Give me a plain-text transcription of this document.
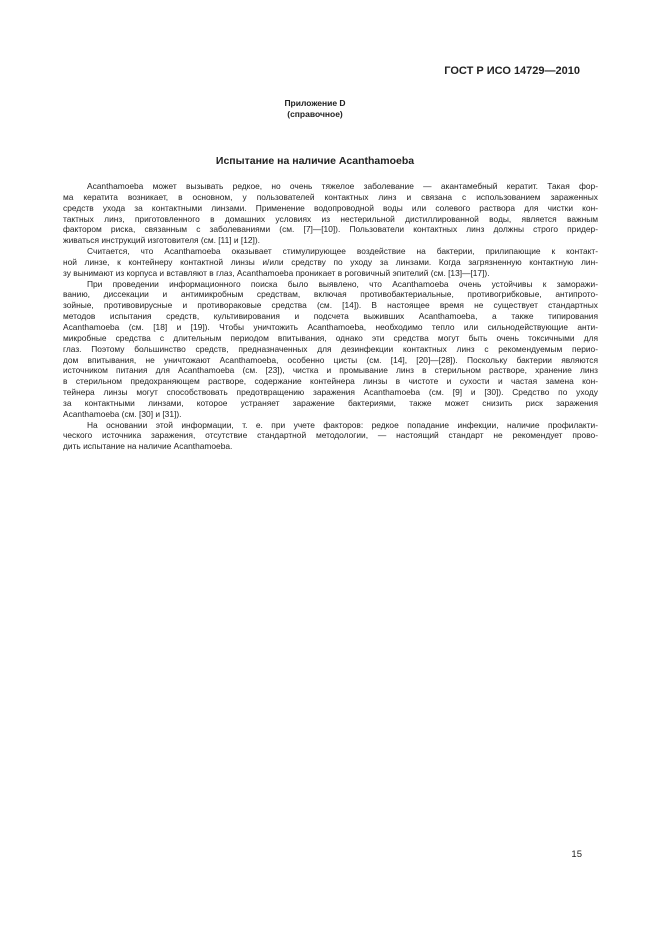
ГОСТ Р ИСО 14729—2010
Приложение D
(справочное)
Испытание на наличие Acanthamoeba
Acanthamoeba может вызывать редкое, но очень тяжелое заболевание — акантамебный кератит. Такая фор-
ма кератита возникает, в основном, у пользователей контактных линз и связана с использованием зараженных
средств ухода за контактными линзами. Применение водопроводной воды или солевого раствора для чистки кон-
тактных линз, приготовленного в домашних условиях из нестерильной дистиллированной воды, является важным
фактором риска, связанным с заболеваниями (см. [7]—[10]). Пользователи контактных линз должны строго придер-
живаться инструкций изготовителя (см. [11] и [12]).
Считается, что Acanthamoeba оказывает стимулирующее воздействие на бактерии, прилипающие к контакт-
ной линзе, к контейнеру контактной линзы и/или средству по уходу за линзами. Когда загрязненную контактную лин-
зу вынимают из корпуса и вставляют в глаз, Acanthamoeba проникает в роговичный эпителий (см. [13]—[17]).
При проведении информационного поиска было выявлено, что Acanthamoeba очень устойчивы к заморажи-
ванию, диссекации и антимикробным средствам, включая противобактериальные, противогрибковые, антипрото-
зойные, противовирусные и противораковые средства (см. [14]). В настоящее время не существует стандартных
методов испытания средств, культивирования и подсчета выживших Acanthamoeba, а также типирования
Acanthamoeba (см. [18] и [19]). Чтобы уничтожить Acanthamoeba, необходимо тепло или сильнодействующие анти-
микробные средства с длительным периодом впитывания, однако эти средства могут быть очень токсичными для
глаз. Поэтому большинство средств, предназначенных для дезинфекции контактных линз с рекомендуемым перио-
дом впитывания, не уничтожают Acanthamoeba, особенно цисты (см. [14], [20]—[28]). Поскольку бактерии являются
источником питания для Acanthamoeba (см. [23]), чистка и промывание линз в стерильном растворе, хранение линз
в стерильном предохраняющем растворе, содержание контейнера линзы в чистоте и сухости и частая замена кон-
тейнера линзы могут способствовать предотвращению заражения Acanthamoeba (см. [9] и [30]). Средство по уходу
за контактными линзами, которое устраняет заражение бактериями, также может снизить риск заражения
Acanthamoeba (см. [30] и [31]).
На основании этой информации, т. е. при учете факторов: редкое попадание инфекции, наличие профилакти-
ческого источника заражения, отсутствие стандартной методологии, — настоящий стандарт не рекомендует прово-
дить испытание на наличие Acanthamoeba.
15
